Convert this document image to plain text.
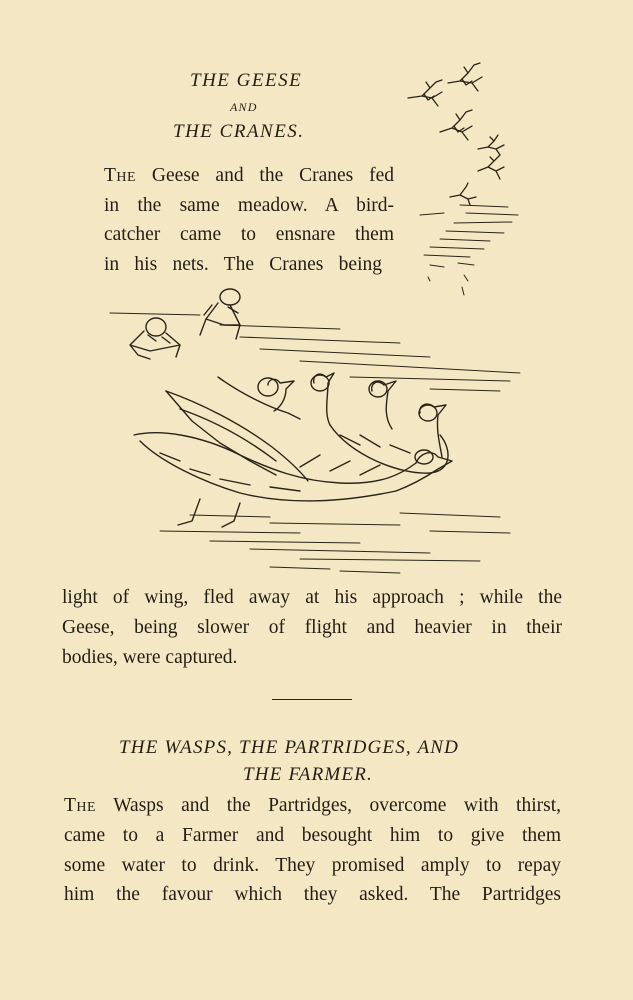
THE GEESE
AND
THE CRANES.
The Geese and the Cranes fed
in the same meadow. A bird-
catcher came to ensnare them
in his nets. The Cranes being
light of wing, fled away at his approach ; while the
Geese, being slower of flight and heavier in their
bodies, were captured.
THE WASPS, THE PARTRIDGES, AND
THE FARMER.
The Wasps and the Partridges, overcome with thirst,
came to a Farmer and besought him to give them
some water to drink. They promised amply to repay
him the favour which they asked. The Partridges
